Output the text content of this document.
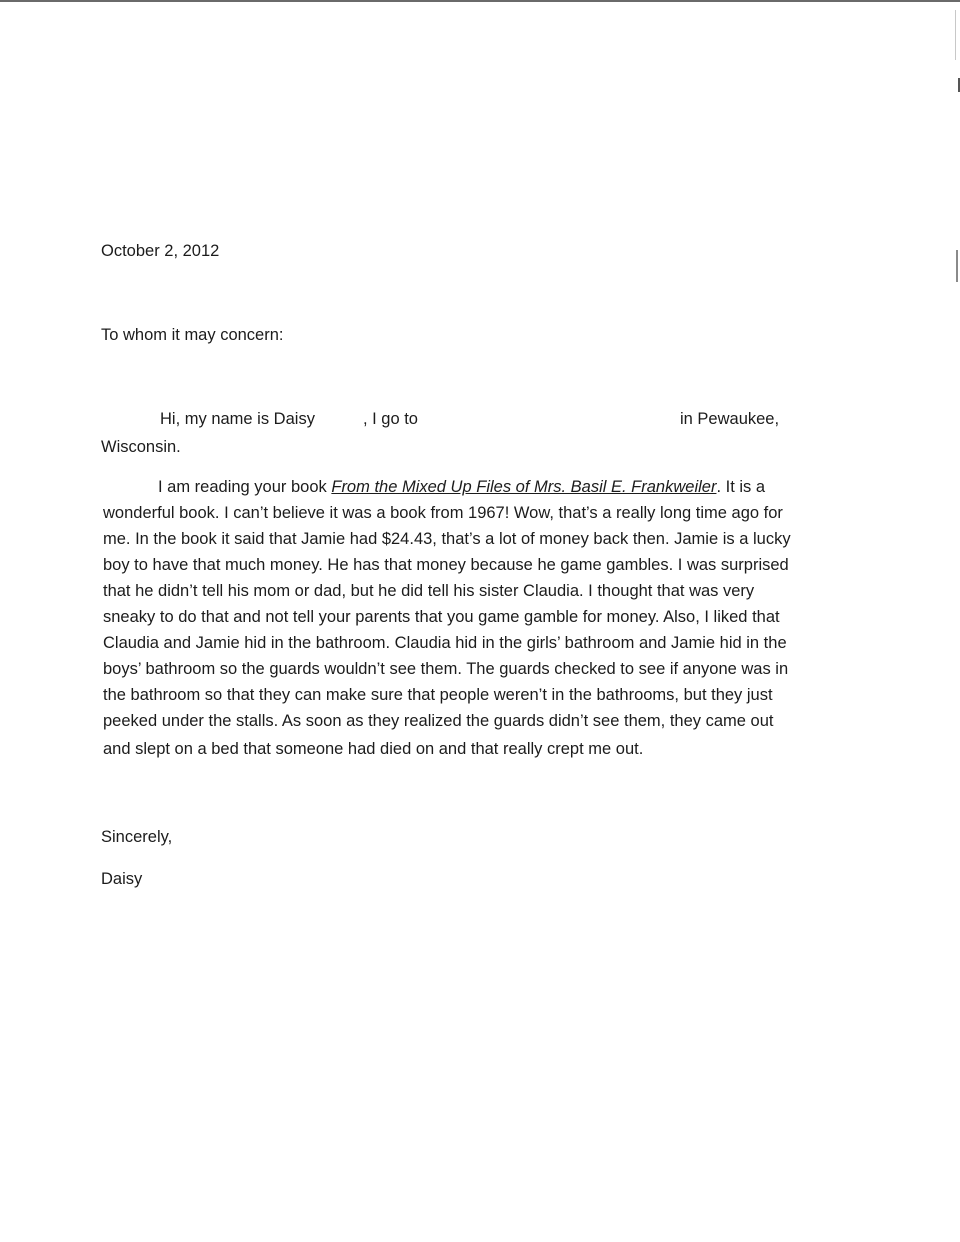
October 2, 2012
To whom it may concern:
Hi, my name is Daisy	, I go to	in Pewaukee,
Wisconsin.
I am reading your book From the Mixed Up Files of Mrs. Basil E. Frankweiler. It is a
wonderful book. I can’t believe it was a book from 1967! Wow, that’s a really long time ago for
me. In the book it said that Jamie had $24.43, that’s a lot of money back then. Jamie is a lucky
boy to have that much money. He has that money because he game gambles. I was surprised
that he didn’t tell his mom or dad, but he did tell his sister Claudia. I thought that was very
sneaky to do that and not tell your parents that you game gamble for money. Also, I liked that
Claudia and Jamie hid in the bathroom. Claudia hid in the girls’ bathroom and Jamie hid in the
boys’ bathroom so the guards wouldn’t see them. The guards checked to see if anyone was in
the bathroom so that they can make sure that people weren’t in the bathrooms, but they just
peeked under the stalls. As soon as they realized the guards didn’t see them, they came out
and slept on a bed that someone had died on and that really crept me out.
Sincerely,
Daisy
